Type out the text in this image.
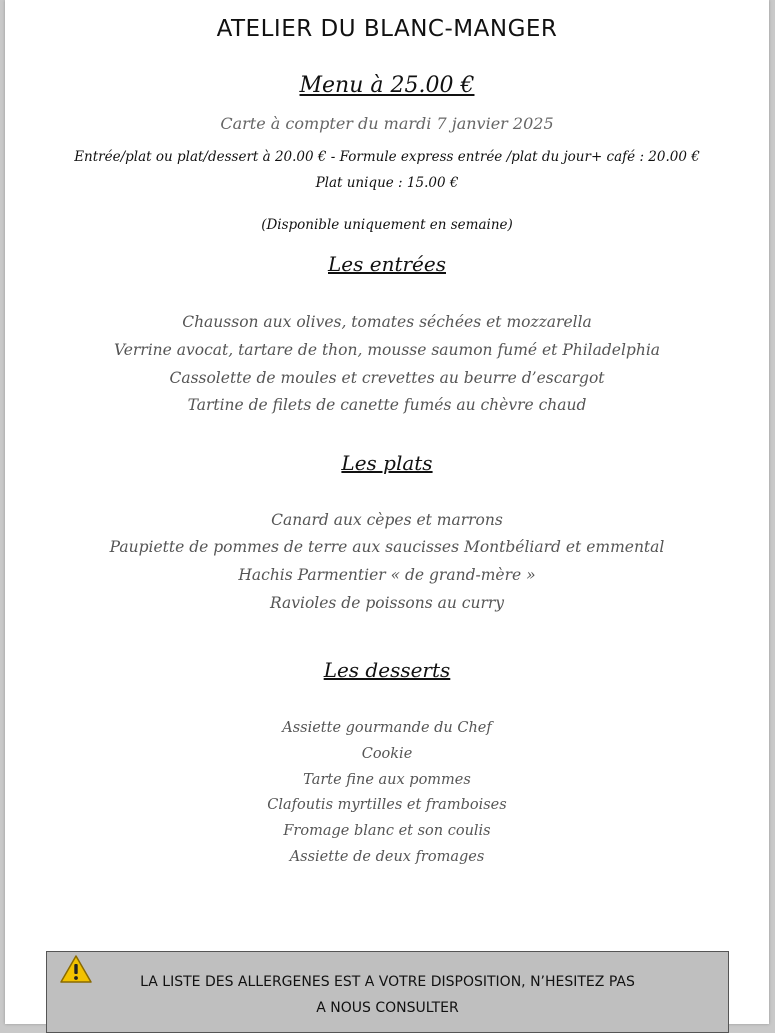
ATELIER DU BLANC-MANGER
Menu à 25.00 €
Carte à compter du mardi 7 janvier 2025
Entrée/plat ou plat/dessert à 20.00 € - Formule express entrée /plat du jour+ café : 20.00 €
Plat unique : 15.00 €
(Disponible uniquement en semaine)
Les entrées
Chausson aux olives, tomates séchées et mozzarella
Verrine avocat, tartare de thon, mousse saumon fumé et Philadelphia
Cassolette de moules et crevettes au beurre d’escargot
Tartine de filets de canette fumés au chèvre chaud
Les plats
Canard aux cèpes et marrons
Paupiette de pommes de terre aux saucisses Montbéliard et emmental
Hachis Parmentier « de grand-mère »
Ravioles de poissons au curry
Les desserts
Assiette gourmande du Chef
Cookie
Tarte fine aux pommes
Clafoutis myrtilles et framboises
Fromage blanc et son coulis
Assiette de deux fromages
LA LISTE DES ALLERGENES EST A VOTRE DISPOSITION, N’HESITEZ PAS
A NOUS CONSULTER
